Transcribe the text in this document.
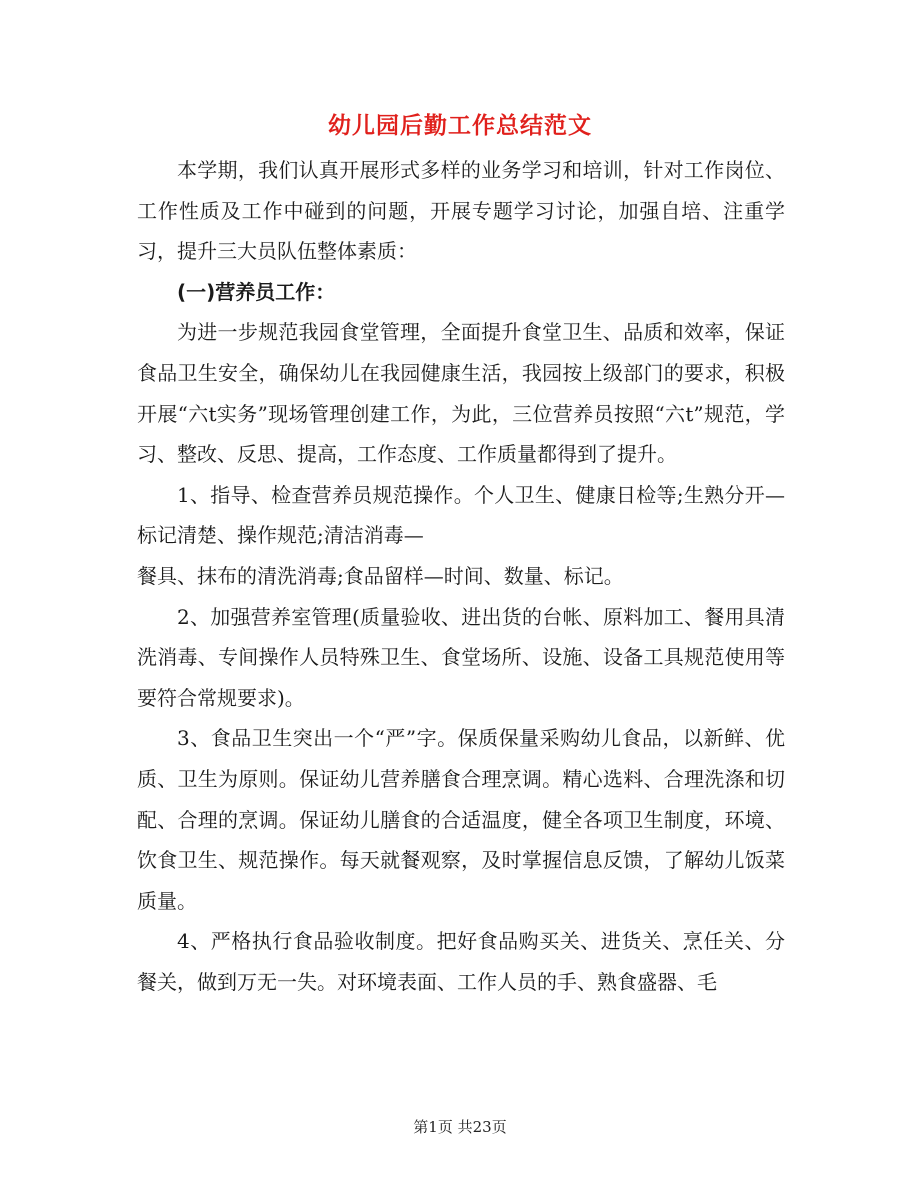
幼儿园后勤工作总结范文

本学期，我们认真开展形式多样的业务学习和培训，针对工作岗位、工作性质及工作中碰到的问题，开展专题学习讨论，加强自培、注重学习，提升三大员队伍整体素质：

(一)营养员工作：

为进一步规范我园食堂管理，全面提升食堂卫生、品质和效率，保证食品卫生安全，确保幼儿在我园健康生活，我园按上级部门的要求，积极开展“六t实务”现场管理创建工作，为此，三位营养员按照“六t”规范，学习、整改、反思、提高，工作态度、工作质量都得到了提升。

1、指导、检查营养员规范操作。个人卫生、健康日检等;生熟分开—标记清楚、操作规范;清洁消毒—

餐具、抹布的清洗消毒;食品留样—时间、数量、标记。

2、加强营养室管理(质量验收、进出货的台帐、原料加工、餐用具清洗消毒、专间操作人员特殊卫生、食堂场所、设施、设备工具规范使用等要符合常规要求)。

3、食品卫生突出一个“严”字。保质保量采购幼儿食品，以新鲜、优质、卫生为原则。保证幼儿营养膳食合理烹调。精心选料、合理洗涤和切配、合理的烹调。保证幼儿膳食的合适温度，健全各项卫生制度，环境、饮食卫生、规范操作。每天就餐观察，及时掌握信息反馈，了解幼儿饭菜质量。

4、严格执行食品验收制度。把好食品购买关、进货关、烹任关、分餐关，做到万无一失。对环境表面、工作人员的手、熟食盛器、毛

第1页 共23页
